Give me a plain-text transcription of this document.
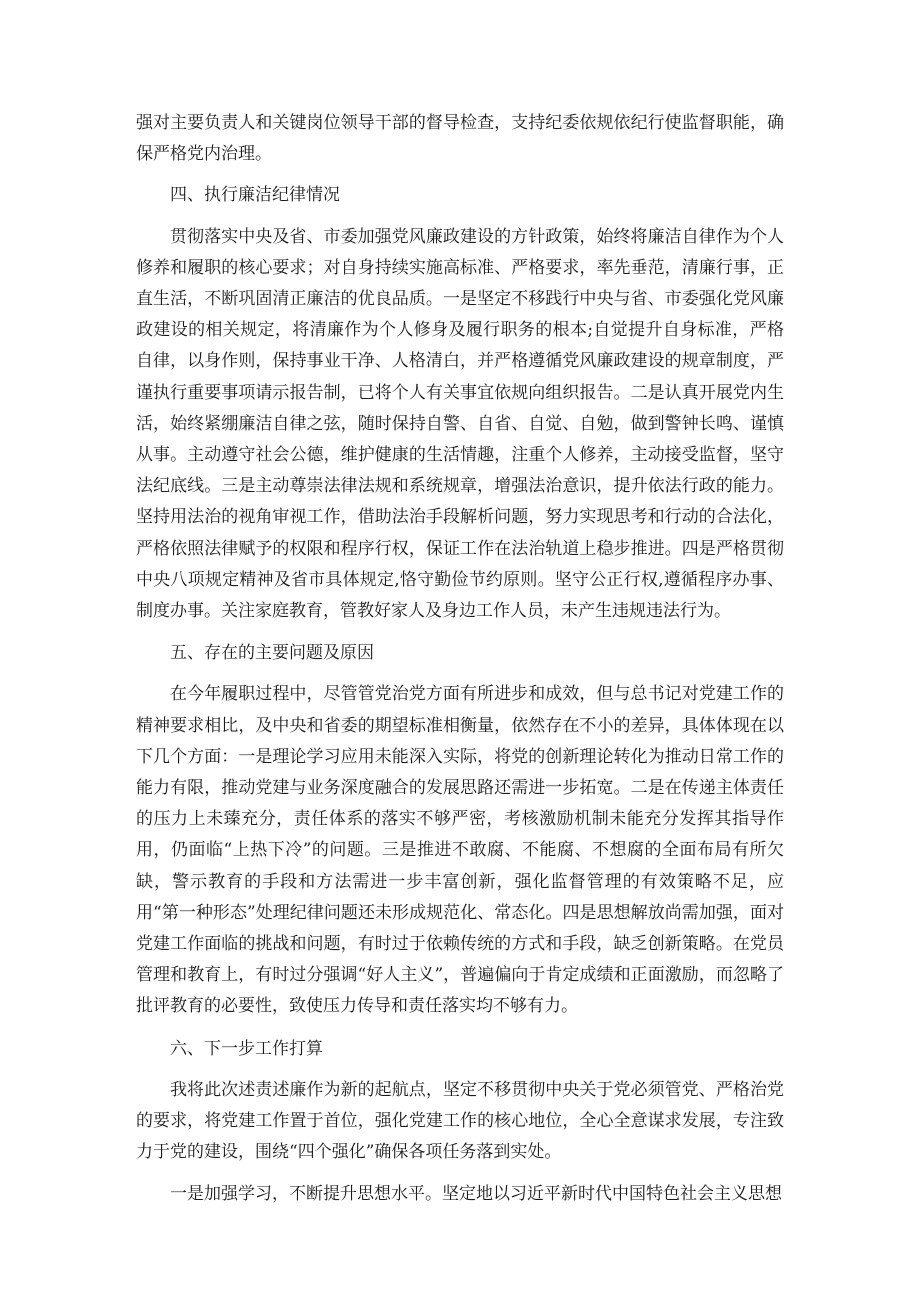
强对主要负责人和关键岗位领导干部的督导检查，支持纪委依规依纪行使监督职能，确保严格党内治理。

四、执行廉洁纪律情况

贯彻落实中央及省、市委加强党风廉政建设的方针政策，始终将廉洁自律作为个人修养和履职的核心要求；对自身持续实施高标准、严格要求，率先垂范，清廉行事，正直生活，不断巩固清正廉洁的优良品质。一是坚定不移践行中央与省、市委强化党风廉政建设的相关规定，将清廉作为个人修身及履行职务的根本;自觉提升自身标准，严格自律，以身作则，保持事业干净、人格清白，并严格遵循党风廉政建设的规章制度，严谨执行重要事项请示报告制，已将个人有关事宜依规向组织报告。二是认真开展党内生活，始终紧绷廉洁自律之弦，随时保持自警、自省、自觉、自勉，做到警钟长鸣、谨慎从事。主动遵守社会公德，维护健康的生活情趣，注重个人修养，主动接受监督，坚守法纪底线。三是主动尊崇法律法规和系统规章，增强法治意识，提升依法行政的能力。坚持用法治的视角审视工作，借助法治手段解析问题，努力实现思考和行动的合法化，严格依照法律赋予的权限和程序行权，保证工作在法治轨道上稳步推进。四是严格贯彻中央八项规定精神及省市具体规定,恪守勤俭节约原则。坚守公正行权,遵循程序办事、制度办事。关注家庭教育，管教好家人及身边工作人员，未产生违规违法行为。

五、存在的主要问题及原因

在今年履职过程中，尽管管党治党方面有所进步和成效，但与总书记对党建工作的精神要求相比，及中央和省委的期望标准相衡量，依然存在不小的差异，具体体现在以下几个方面：一是理论学习应用未能深入实际，将党的创新理论转化为推动日常工作的能力有限，推动党建与业务深度融合的发展思路还需进一步拓宽。二是在传递主体责任的压力上未臻充分，责任体系的落实不够严密，考核激励机制未能充分发挥其指导作用，仍面临“上热下冷”的问题。三是推进不敢腐、不能腐、不想腐的全面布局有所欠缺，警示教育的手段和方法需进一步丰富创新，强化监督管理的有效策略不足，应用“第一种形态”处理纪律问题还未形成规范化、常态化。四是思想解放尚需加强，面对党建工作面临的挑战和问题，有时过于依赖传统的方式和手段，缺乏创新策略。在党员管理和教育上，有时过分强调“好人主义”，普遍偏向于肯定成绩和正面激励，而忽略了批评教育的必要性，致使压力传导和责任落实均不够有力。

六、下一步工作打算

我将此次述责述廉作为新的起航点，坚定不移贯彻中央关于党必须管党、严格治党的要求，将党建工作置于首位，强化党建工作的核心地位，全心全意谋求发展，专注致力于党的建设，围绕“四个强化”确保各项任务落到实处。

一是加强学习，不断提升思想水平。坚定地以习近平新时代中国特色社会主义思想
